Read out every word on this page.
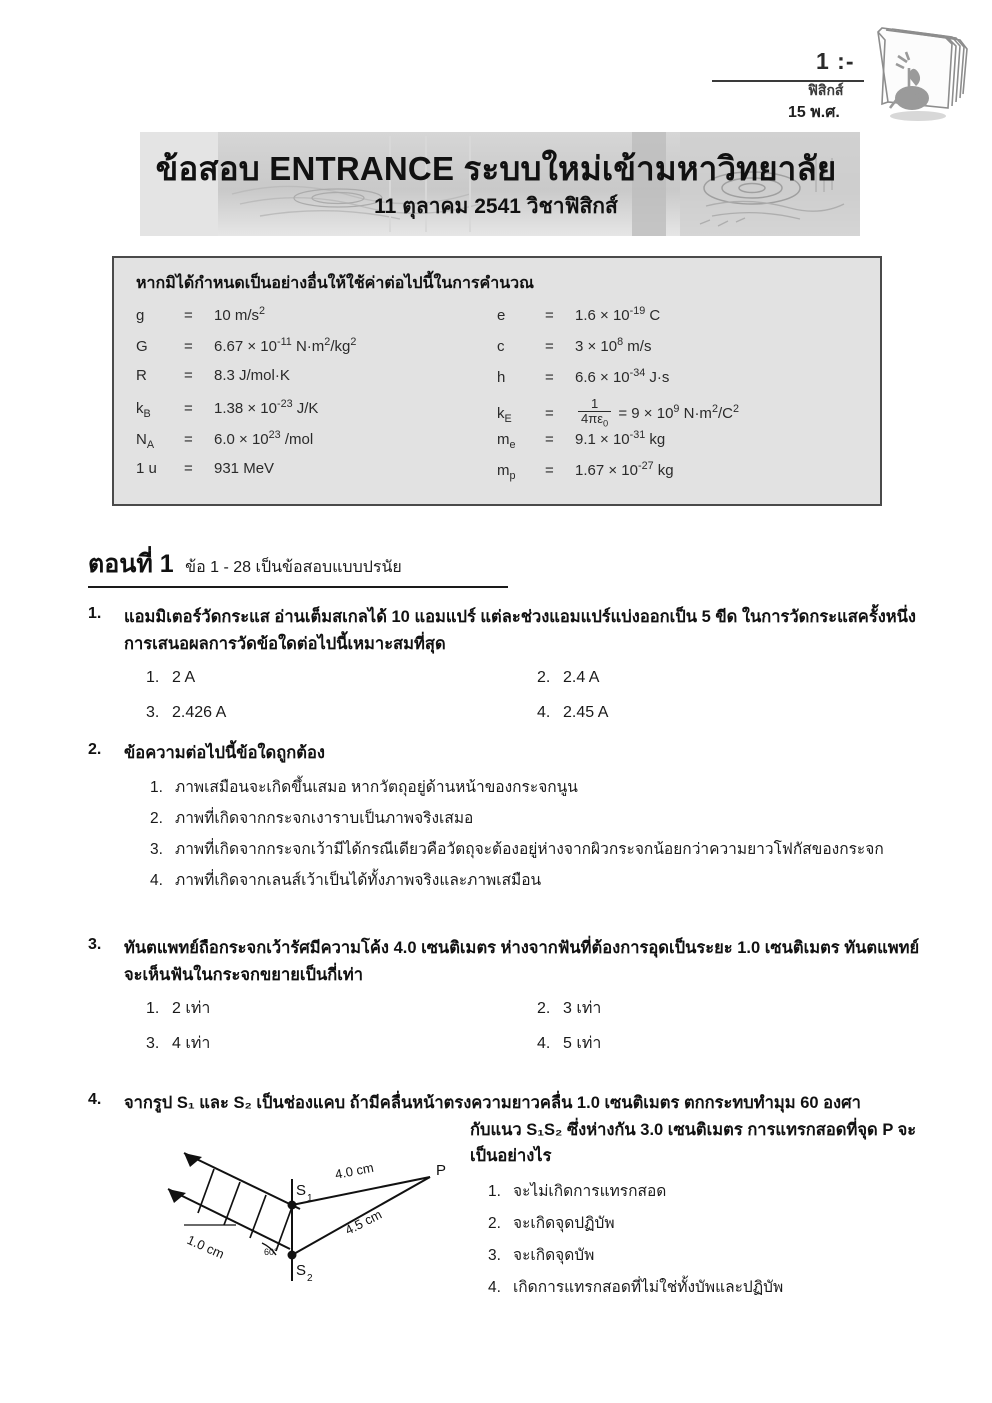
1 :-
ฟิสิกส์
15 พ.ศ.
ข้อสอบ ENTRANCE ระบบใหม่เข้ามหาวิทยาลัย
11 ตุลาคม 2541 วิชาฟิสิกส์
หากมิได้กำหนดเป็นอย่างอื่นให้ใช้ค่าต่อไปนี้ในการคำนวณ
g	=	10 $m/s^2$
G	=	$6.67 \times 10^{-11}$ $N\cdot m^2/kg^2$
R	=	8.3 J/mol·K
$k_B$	=	$1.38 \times 10^{-23}$ J/K
$N_A$	=	$6.0 \times 10^{23}$ /mol
1 u	=	931 MeV
e	=	$1.6 \times 10^{-19}$ C
c	=	$3 \times 10^8$ m/s
h	=	$6.6 \times 10^{-34}$ J·s
$k_E$	=	$\frac{1}{4\pi\varepsilon_0} = 9 \times 10^9$ $N\cdot m^2/C^2$
$m_e$	=	$9.1 \times 10^{-31}$ kg
$m_p$	=	$1.67 \times 10^{-27}$ kg
ตอนที่ 1 ข้อ 1 - 28 เป็นข้อสอบแบบปรนัย
1.	แอมมิเตอร์วัดกระแส อ่านเต็มสเกลได้ 10 แอมแปร์ แต่ละช่วงแอมแปร์แบ่งออกเป็น 5 ขีด ในการวัดกระแสครั้งหนึ่ง การเสนอผลการวัดข้อใดต่อไปนี้เหมาะสมที่สุด
1. 2 A	2. 2.4 A
3. 2.426 A	4. 2.45 A
2.	ข้อความต่อไปนี้ข้อใดถูกต้อง
1. ภาพเสมือนจะเกิดขึ้นเสมอ หากวัตถุอยู่ด้านหน้าของกระจกนูน
2. ภาพที่เกิดจากกระจกเงาราบเป็นภาพจริงเสมอ
3. ภาพที่เกิดจากกระจกเว้ามีได้กรณีเดียวคือวัตถุจะต้องอยู่ห่างจากผิวกระจกน้อยกว่าความยาวโฟกัสของกระจก
4. ภาพที่เกิดจากเลนส์เว้าเป็นได้ทั้งภาพจริงและภาพเสมือน
3.	ทันตแพทย์ถือกระจกเว้ารัศมีความโค้ง 4.0 เซนติเมตร ห่างจากฟันที่ต้องการอุดเป็นระยะ 1.0 เซนติเมตร ทันตแพทย์จะเห็นฟันในกระจกขยายเป็นกี่เท่า
1. 2 เท่า	2. 3 เท่า
3. 4 เท่า	4. 5 เท่า
4.	จากรูป S₁ และ S₂ เป็นช่องแคบ ถ้ามีคลื่นหน้าตรงความยาวคลื่น 1.0 เซนติเมตร ตกกระทบทำมุม 60 องศา
S 1
S 2
P
4.0 cm
4.5 cm
1.0 cm	60°
กับแนว S₁S₂ ซึ่งห่างกัน 3.0 เซนติเมตร การแทรกสอดที่จุด P จะเป็นอย่างไร
1. จะไม่เกิดการแทรกสอด
2. จะเกิดจุดปฏิบัพ
3. จะเกิดจุดบัพ
4. เกิดการแทรกสอดที่ไม่ใช่ทั้งบัพและปฏิบัพ
